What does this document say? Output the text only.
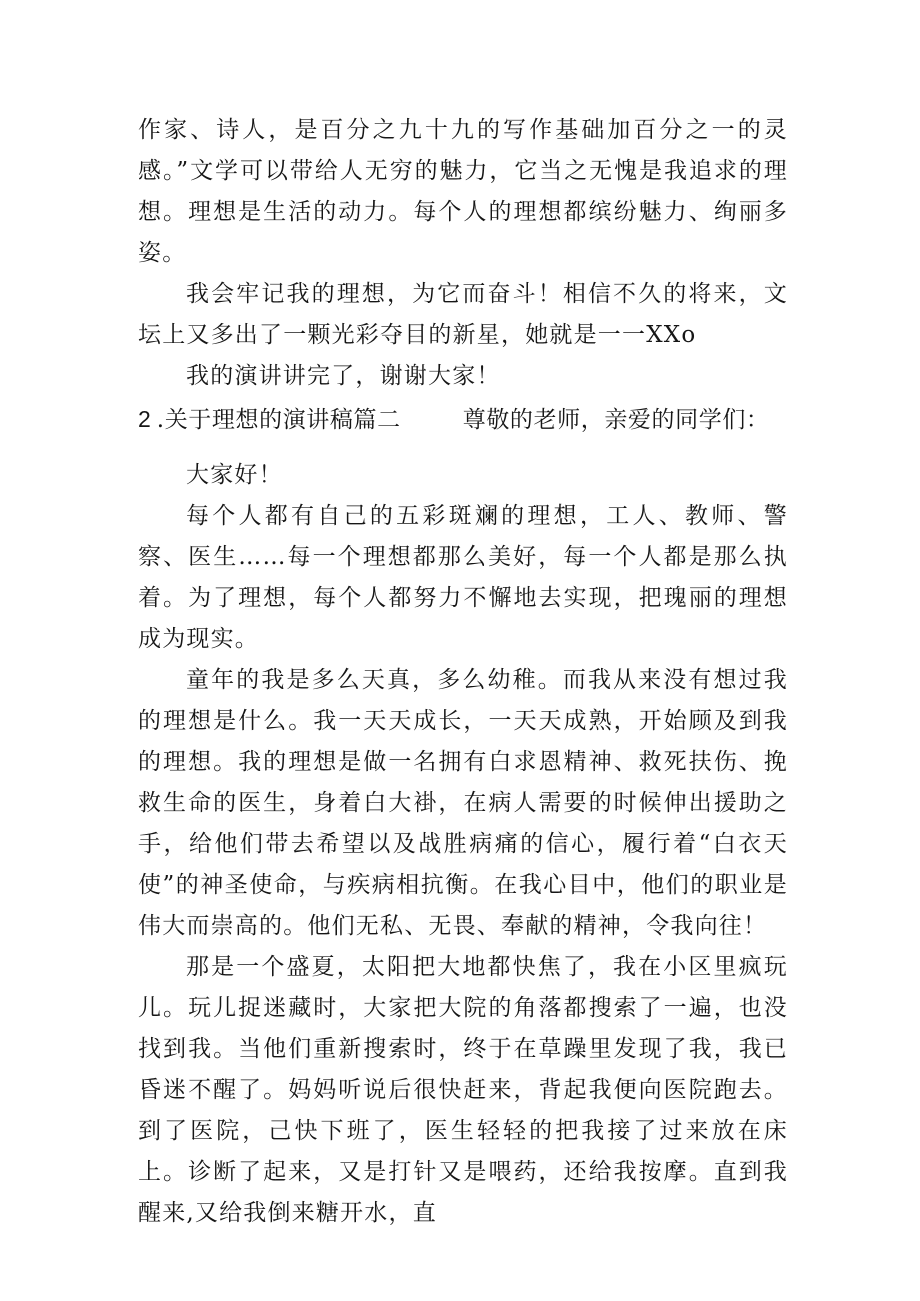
作家、诗人，是百分之九十九的写作基础加百分之一的灵感。”文学可以带给人无穷的魅力，它当之无愧是我追求的理想。理想是生活的动力。每个人的理想都缤纷魅力、绚丽多姿。

我会牢记我的理想，为它而奋斗！相信不久的将来，文坛上又多出了一颗光彩夺目的新星，她就是一一XXo

我的演讲讲完了，谢谢大家！

2 .关于理想的演讲稿篇二	尊敬的老师，亲爱的同学们：

大家好！

每个人都有自己的五彩斑斓的理想，工人、教师、警察、医生……每一个理想都那么美好，每一个人都是那么执着。为了理想，每个人都努力不懈地去实现，把瑰丽的理想成为现实。

童年的我是多么天真，多么幼稚。而我从来没有想过我的理想是什么。我一天天成长，一天天成熟，开始顾及到我的理想。我的理想是做一名拥有白求恩精神、救死扶伤、挽救生命的医生，身着白大褂，在病人需要的时候伸出援助之手，给他们带去希望以及战胜病痛的信心，履行着“白衣天使”的神圣使命，与疾病相抗衡。在我心目中，他们的职业是伟大而崇高的。他们无私、无畏、奉献的精神，令我向往！

那是一个盛夏，太阳把大地都快焦了，我在小区里疯玩儿。玩儿捉迷藏时，大家把大院的角落都搜索了一遍，也没找到我。当他们重新搜索时，终于在草躁里发现了我，我已昏迷不醒了。妈妈听说后很快赶来，背起我便向医院跑去。到了医院，己快下班了，医生轻轻的把我接了过来放在床上。诊断了起来，又是打针又是喂药，还给我按摩。直到我醒来,又给我倒来糖开水，直
